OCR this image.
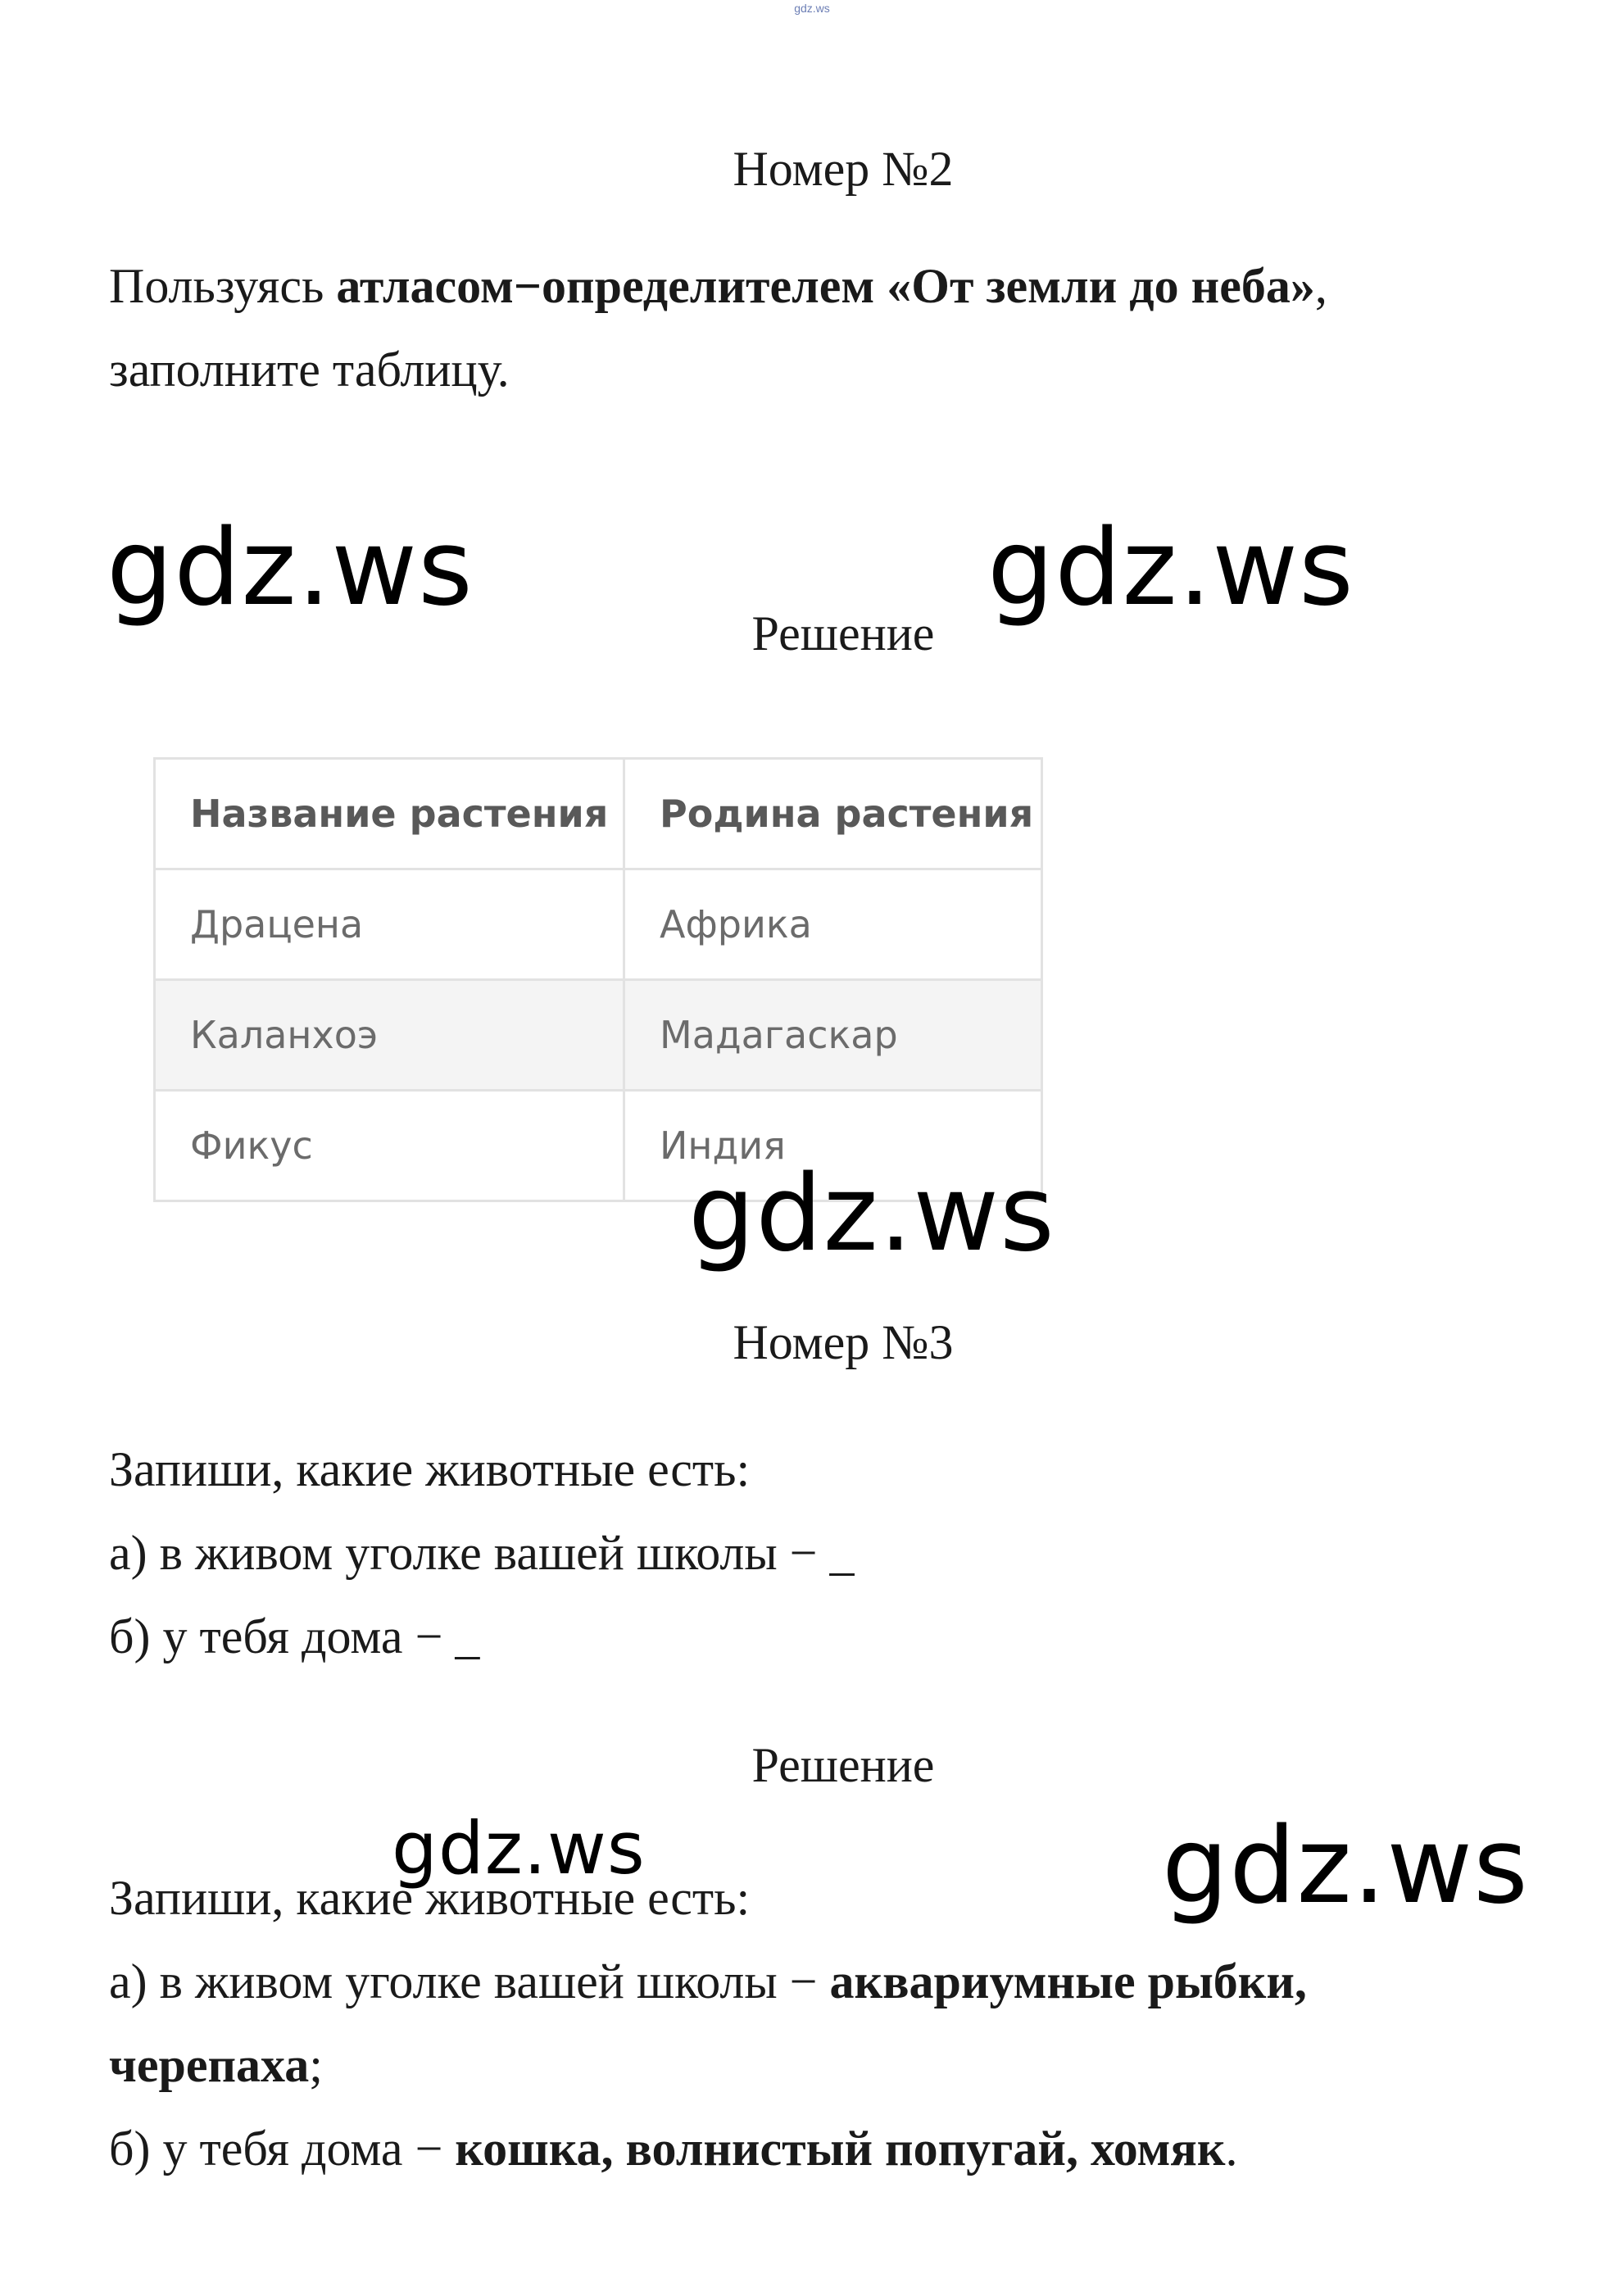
gdz.ws
Номер №2
Пользуясь атласом−определителем «От земли до неба»,
заполните таблицу.
gdz.ws	gdz.ws
Решение
Название растения	Родина растения
Драцена	Африка
Каланхоэ	Мадагаскар
Фикус	Индия
gdz.ws
Номер №3
Запиши, какие животные есть:
а) в живом уголке вашей школы − _
б) у тебя дома − _
Решение
gdz.ws	gdz.ws
Запиши, какие животные есть:
а) в живом уголке вашей школы − аквариумные рыбки,
черепаха;
б) у тебя дома − кошка, волнистый попугай, хомяк.
